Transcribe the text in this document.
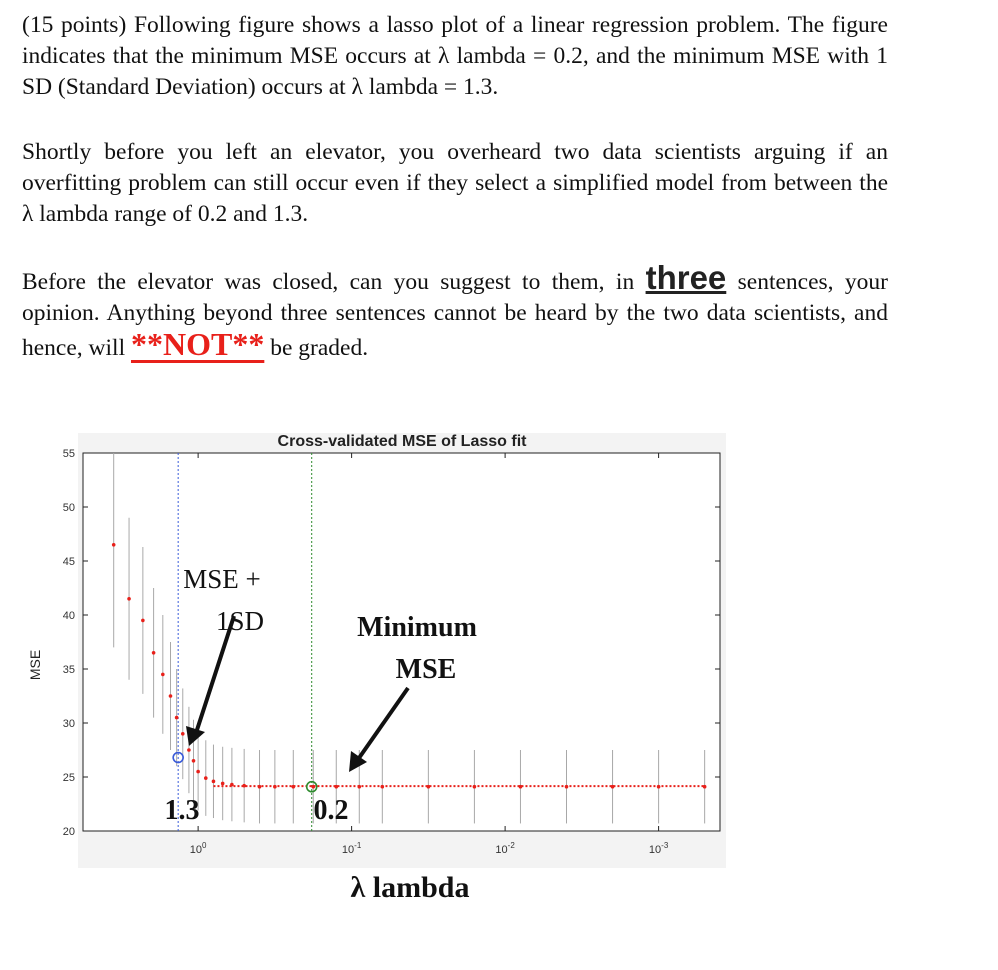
(15 points) Following figure shows a lasso plot of a linear regression problem. The figure indicates that the minimum MSE occurs at λ lambda = 0.2, and the minimum MSE with 1 SD (Standard Deviation) occurs at λ lambda = 1.3.

Shortly before you left an elevator, you overheard two data scientists arguing if an overfitting problem can still occur even if they select a simplified model from between the λ lambda range of 0.2 and 1.3.

Before the elevator was closed, can you suggest to them, in three sentences, your opinion. Anything beyond three sentences cannot be heard by the two data scientists, and hence, will **NOT** be graded.

Cross-validated MSE of Lasso fit
20
25
30
35
40
45
50
55
$10^0$	$10^{-1}$	$10^{-2}$	$10^{-3}$
MSE
MSE +
1SD	Minimum
MSE
1.3	0.2
λ lambda
